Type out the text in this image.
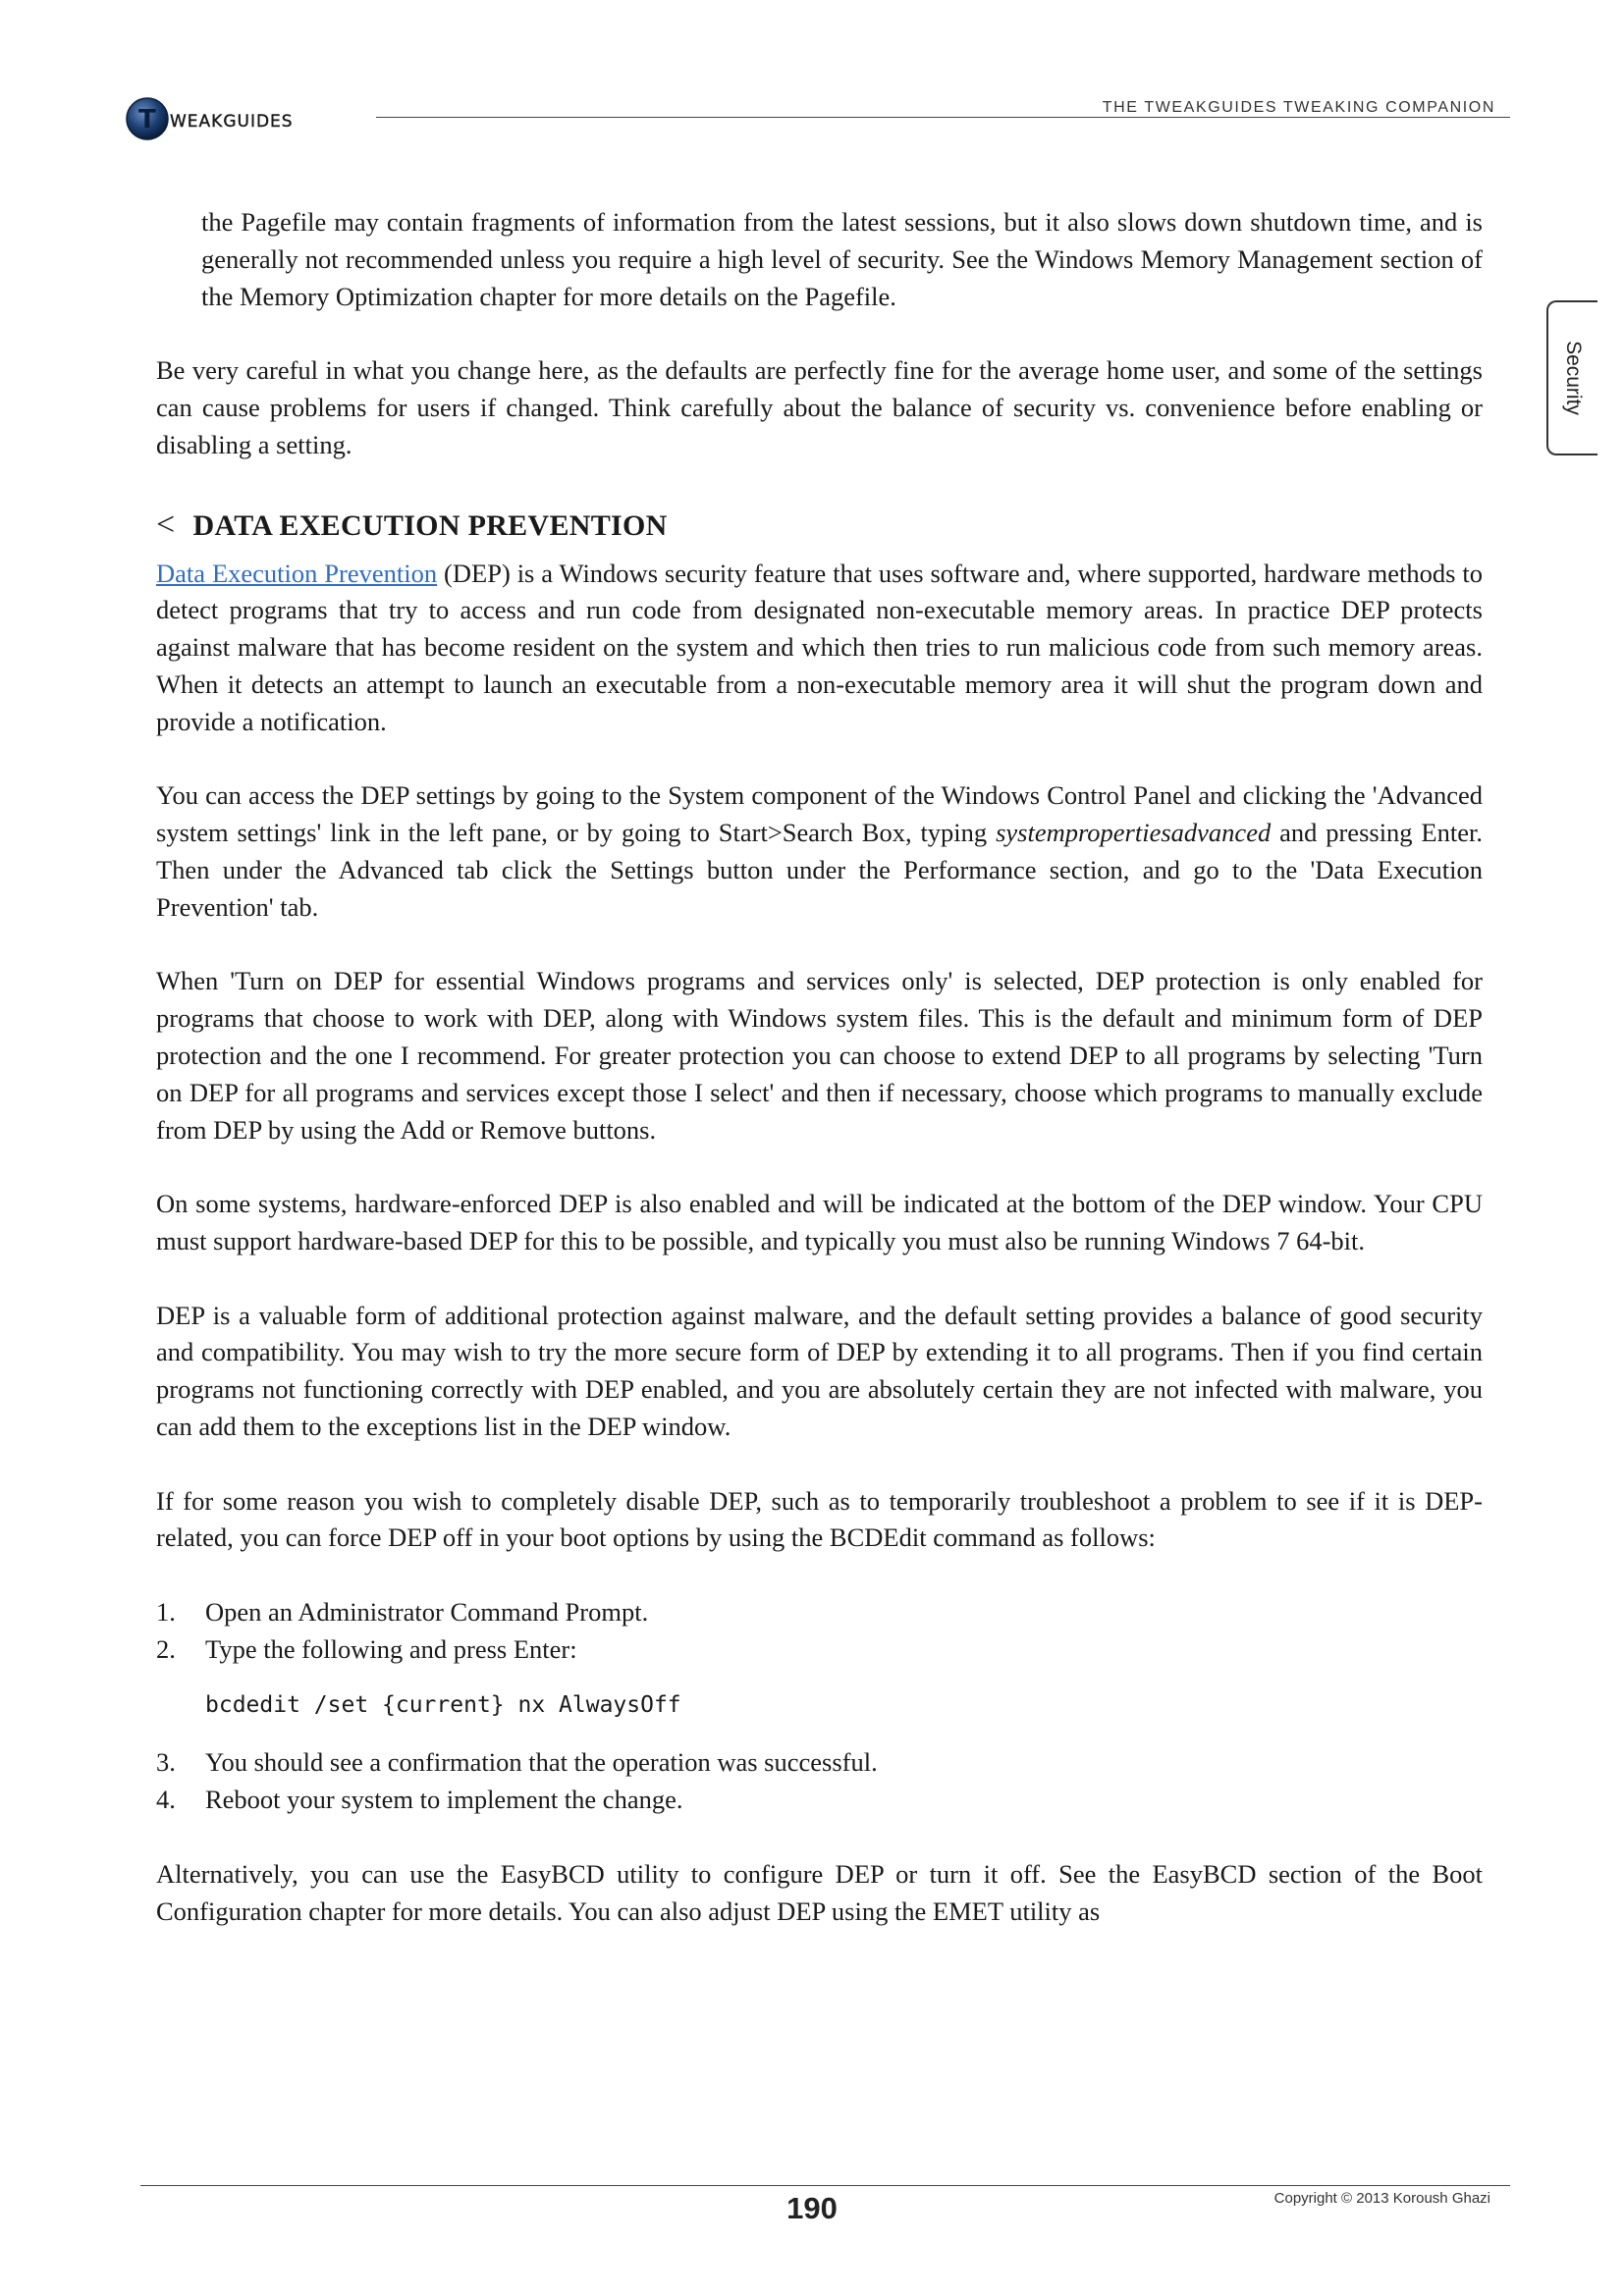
T WEAKGUIDES
THE TWEAKGUIDES TWEAKING COMPANION
Security

the Pagefile may contain fragments of information from the latest sessions, but it also slows down shutdown time, and is generally not recommended unless you require a high level of security. See the Windows Memory Management section of the Memory Optimization chapter for more details on the Pagefile.

Be very careful in what you change here, as the defaults are perfectly fine for the average home user, and some of the settings can cause problems for users if changed. Think carefully about the balance of security vs. convenience before enabling or disabling a setting.

< DATA EXECUTION PREVENTION

Data Execution Prevention (DEP) is a Windows security feature that uses software and, where supported, hardware methods to detect programs that try to access and run code from designated non-executable memory areas. In practice DEP protects against malware that has become resident on the system and which then tries to run malicious code from such memory areas. When it detects an attempt to launch an executable from a non-executable memory area it will shut the program down and provide a notification.

You can access the DEP settings by going to the System component of the Windows Control Panel and clicking the 'Advanced system settings' link in the left pane, or by going to Start>Search Box, typing systempropertiesadvanced and pressing Enter. Then under the Advanced tab click the Settings button under the Performance section, and go to the 'Data Execution Prevention' tab.

When 'Turn on DEP for essential Windows programs and services only' is selected, DEP protection is only enabled for programs that choose to work with DEP, along with Windows system files. This is the default and minimum form of DEP protection and the one I recommend. For greater protection you can choose to extend DEP to all programs by selecting 'Turn on DEP for all programs and services except those I select' and then if necessary, choose which programs to manually exclude from DEP by using the Add or Remove buttons.

On some systems, hardware-enforced DEP is also enabled and will be indicated at the bottom of the DEP window. Your CPU must support hardware-based DEP for this to be possible, and typically you must also be running Windows 7 64-bit.

DEP is a valuable form of additional protection against malware, and the default setting provides a balance of good security and compatibility. You may wish to try the more secure form of DEP by extending it to all programs. Then if you find certain programs not functioning correctly with DEP enabled, and you are absolutely certain they are not infected with malware, you can add them to the exceptions list in the DEP window.

If for some reason you wish to completely disable DEP, such as to temporarily troubleshoot a problem to see if it is DEP-related, you can force DEP off in your boot options by using the BCDEdit command as follows:

1. Open an Administrator Command Prompt.
2. Type the following and press Enter:
bcdedit /set {current} nx AlwaysOff
3. You should see a confirmation that the operation was successful.
4. Reboot your system to implement the change.

Alternatively, you can use the EasyBCD utility to configure DEP or turn it off. See the EasyBCD section of the Boot Configuration chapter for more details. You can also adjust DEP using the EMET utility as

190	Copyright © 2013 Koroush Ghazi
